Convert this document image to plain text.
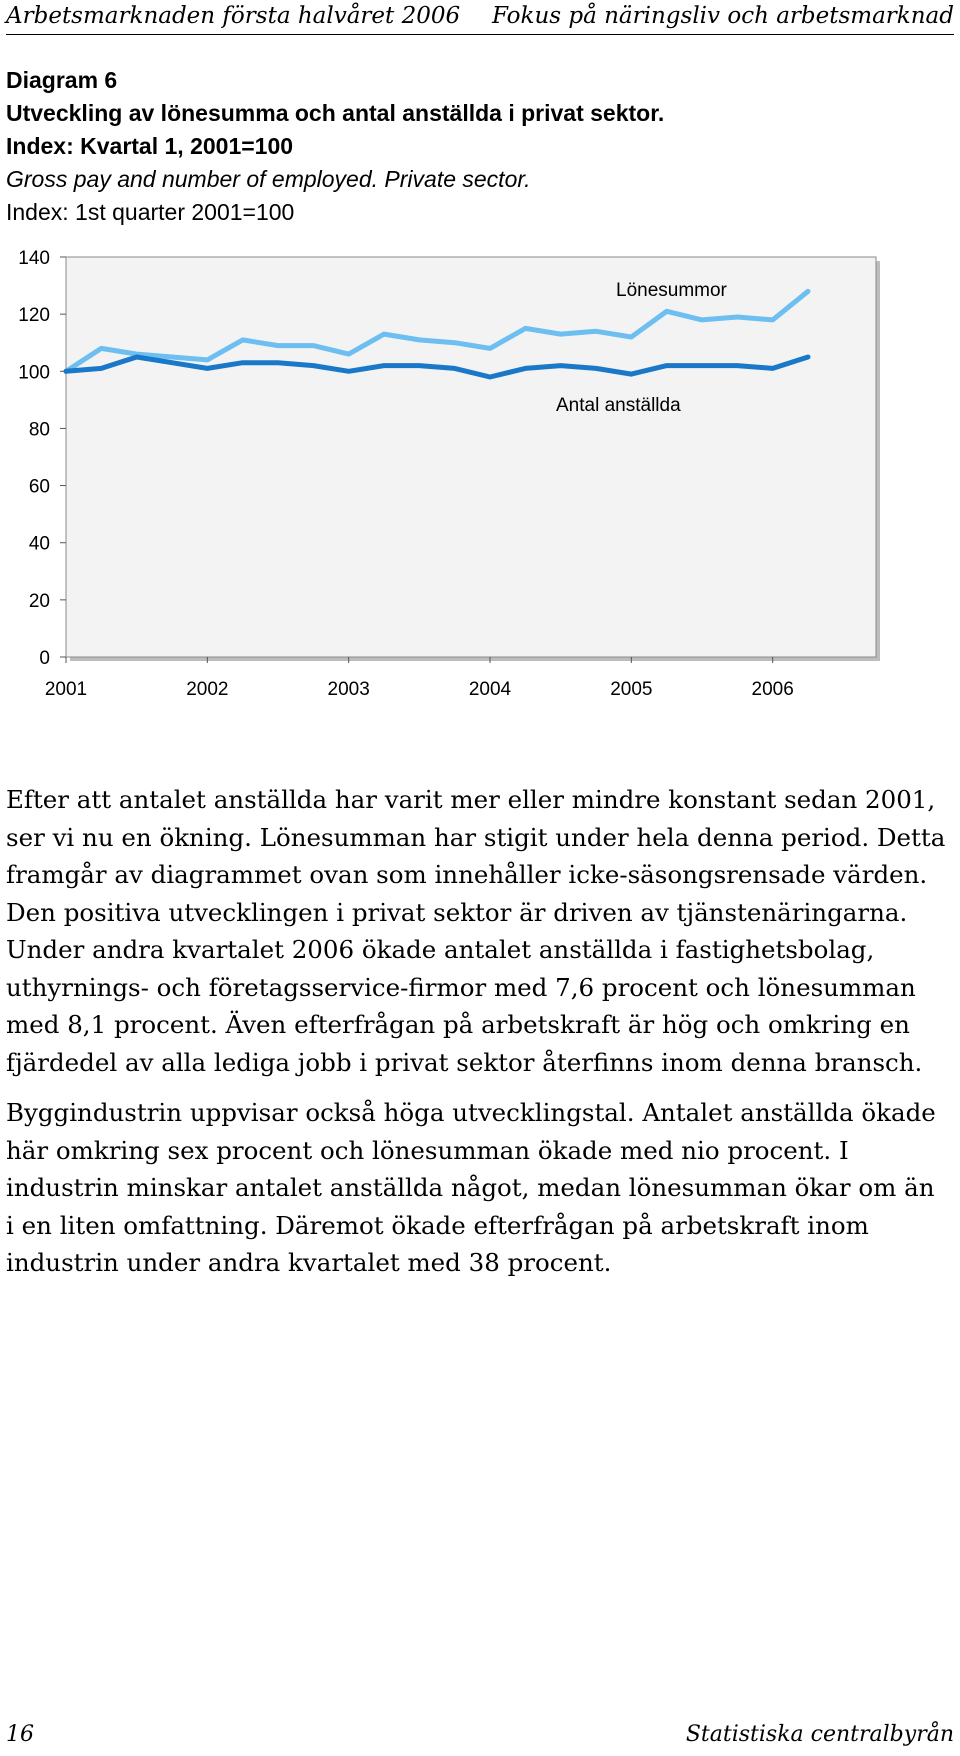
Arbetsmarknaden första halvåret 2006 Fokus på näringsliv och arbetsmarknad
Diagram 6
Utveckling av lönesumma och antal anställda i privat sektor.
Index: Kvartal 1, 2001=100
Gross pay and number of employed. Private sector.
Index: 1st quarter 2001=100
0
20
40
60
80
100
120
140
2001	2002	2003	2004	2005	2006
Lönesummor
Antal anställda

Efter att antalet anställda har varit mer eller mindre konstant sedan 2001, ser vi nu en ökning. Lönesumman har stigit under hela denna period. Detta framgår av diagrammet ovan som innehåller icke-säsongsrensade värden. Den positiva utvecklingen i privat sektor är driven av tjänstenäringarna. Under andra kvartalet 2006 ökade antalet anställda i fastighetsbolag, uthyrnings- och företagsservice-firmor med 7,6 procent och lönesumman med 8,1 procent. Även efterfrågan på arbetskraft är hög och omkring en fjärdedel av alla lediga jobb i privat sektor återfinns inom denna bransch.

Byggindustrin uppvisar också höga utvecklingstal. Antalet anställda ökade här omkring sex procent och lönesumman ökade med nio procent. I industrin minskar antalet anställda något, medan lönesumman ökar om än i en liten omfattning. Däremot ökade efterfrågan på arbetskraft inom industrin under andra kvartalet med 38 procent.

16	Statistiska centralbyrån
